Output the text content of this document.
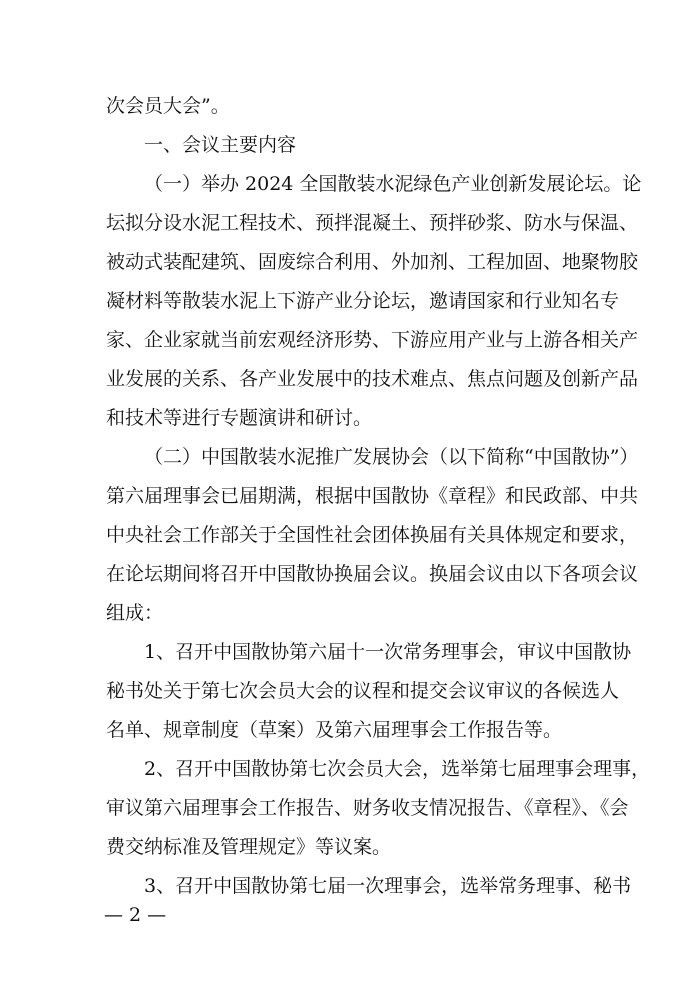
次会员大会”。
一、会议主要内容
（一）举办 2024 全国散装水泥绿色产业创新发展论坛。论
坛拟分设水泥工程技术、预拌混凝土、预拌砂浆、防水与保温、
被动式装配建筑、固废综合利用、外加剂、工程加固、地聚物胶
凝材料等散装水泥上下游产业分论坛，邀请国家和行业知名专
家、企业家就当前宏观经济形势、下游应用产业与上游各相关产
业发展的关系、各产业发展中的技术难点、焦点问题及创新产品
和技术等进行专题演讲和研讨。
（二）中国散装水泥推广发展协会（以下简称“中国散协”）
第六届理事会已届期满，根据中国散协《章程》和民政部、中共
中央社会工作部关于全国性社会团体换届有关具体规定和要求，
在论坛期间将召开中国散协换届会议。换届会议由以下各项会议
组成：
1、召开中国散协第六届十一次常务理事会，审议中国散协
秘书处关于第七次会员大会的议程和提交会议审议的各候选人
名单、规章制度（草案）及第六届理事会工作报告等。
2、召开中国散协第七次会员大会，选举第七届理事会理事，
审议第六届理事会工作报告、财务收支情况报告、《章程》、《会
费交纳标准及管理规定》等议案。
3、召开中国散协第七届一次理事会，选举常务理事、秘书
— 2 —
